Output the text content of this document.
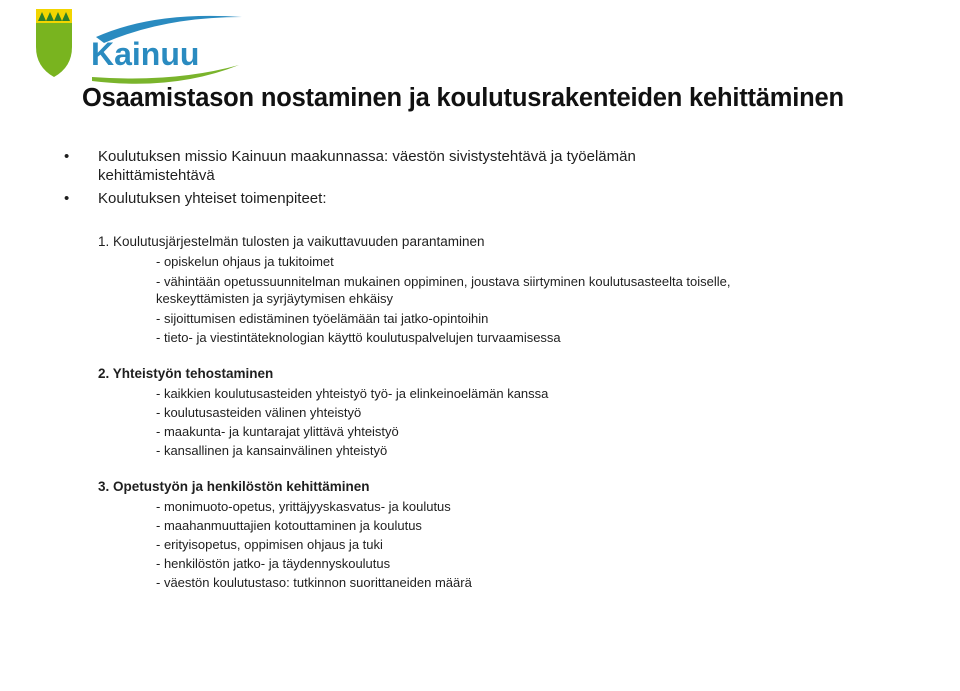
Kainuu
Osaamistason nostaminen ja koulutusrakenteiden kehittäminen
• Koulutuksen missio Kainuun maakunnassa: väestön sivistystehtävä ja työelämän
kehittämistehtävä
• Koulutuksen yhteiset toimenpiteet:
1. Koulutusjärjestelmän tulosten ja vaikuttavuuden parantaminen
- opiskelun ohjaus ja tukitoimet
- vähintään opetussuunnitelman mukainen oppiminen, joustava siirtyminen koulutusasteelta toiselle,
keskeyttämisten ja syrjäytymisen ehkäisy
- sijoittumisen edistäminen työelämään tai jatko-opintoihin
- tieto- ja viestintäteknologian käyttö koulutuspalvelujen turvaamisessa
2. Yhteistyön tehostaminen
- kaikkien koulutusasteiden yhteistyö työ- ja elinkeinoelämän kanssa
- koulutusasteiden välinen yhteistyö
- maakunta- ja kuntarajat ylittävä yhteistyö
- kansallinen ja kansainvälinen yhteistyö
3. Opetustyön ja henkilöstön kehittäminen
- monimuoto-opetus, yrittäjyyskasvatus- ja koulutus
- maahanmuuttajien kotouttaminen ja koulutus
- erityisopetus, oppimisen ohjaus ja tuki
- henkilöstön jatko- ja täydennyskoulutus
- väestön koulutustaso: tutkinnon suorittaneiden määrä
